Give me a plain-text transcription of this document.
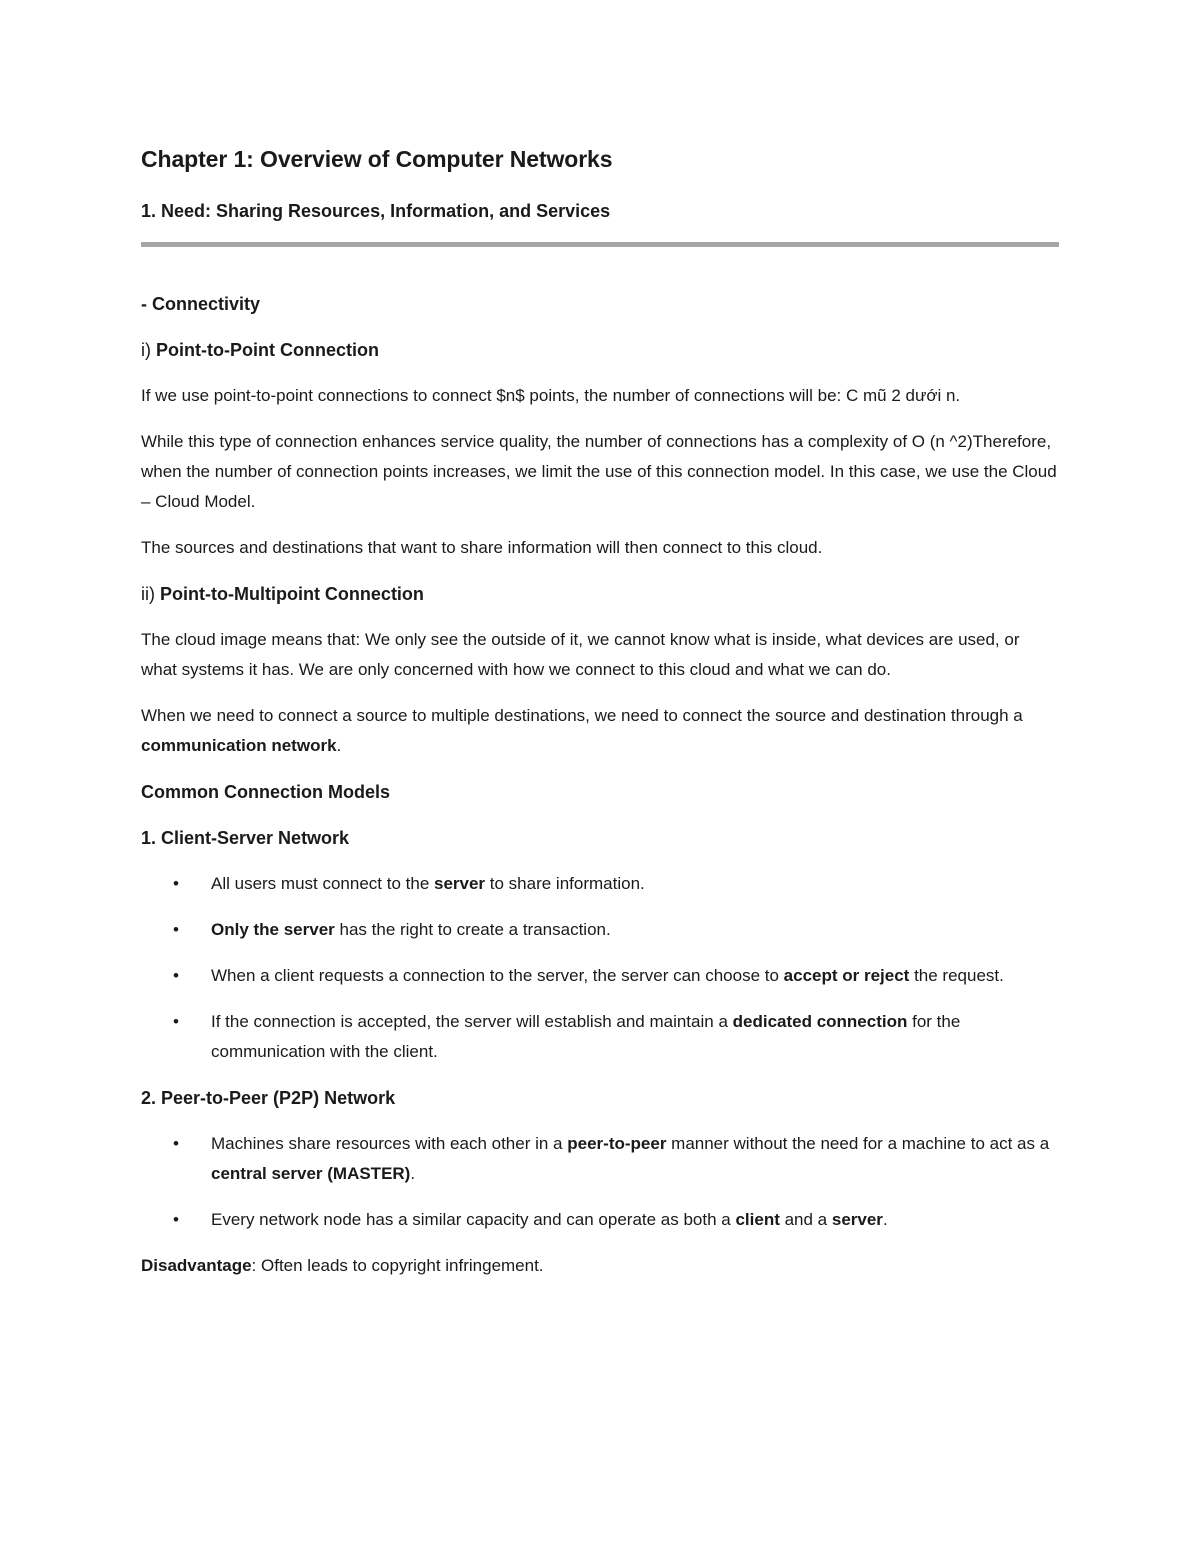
Chapter 1: Overview of Computer Networks
1. Need: Sharing Resources, Information, and Services

- Connectivity

i) Point-to-Point Connection

If we use point-to-point connections to connect $n$ points, the number of connections will be: C mũ 2 dưới n.

While this type of connection enhances service quality, the number of connections has a complexity of O (n ^2)Therefore, when the number of connection points increases, we limit the use of this connection model. In this case, we use the Cloud – Cloud Model.

The sources and destinations that want to share information will then connect to this cloud.

ii) Point-to-Multipoint Connection

The cloud image means that: We only see the outside of it, we cannot know what is inside, what devices are used, or what systems it has. We are only concerned with how we connect to this cloud and what we can do.

When we need to connect a source to multiple destinations, we need to connect the source and destination through a communication network.

Common Connection Models

1. Client-Server Network

• All users must connect to the server to share information.
• Only the server has the right to create a transaction.
• When a client requests a connection to the server, the server can choose to accept or reject the request.
• If the connection is accepted, the server will establish and maintain a dedicated connection for the communication with the client.

2. Peer-to-Peer (P2P) Network

• Machines share resources with each other in a peer-to-peer manner without the need for a machine to act as a central server (MASTER).
• Every network node has a similar capacity and can operate as both a client and a server.

Disadvantage: Often leads to copyright infringement.
